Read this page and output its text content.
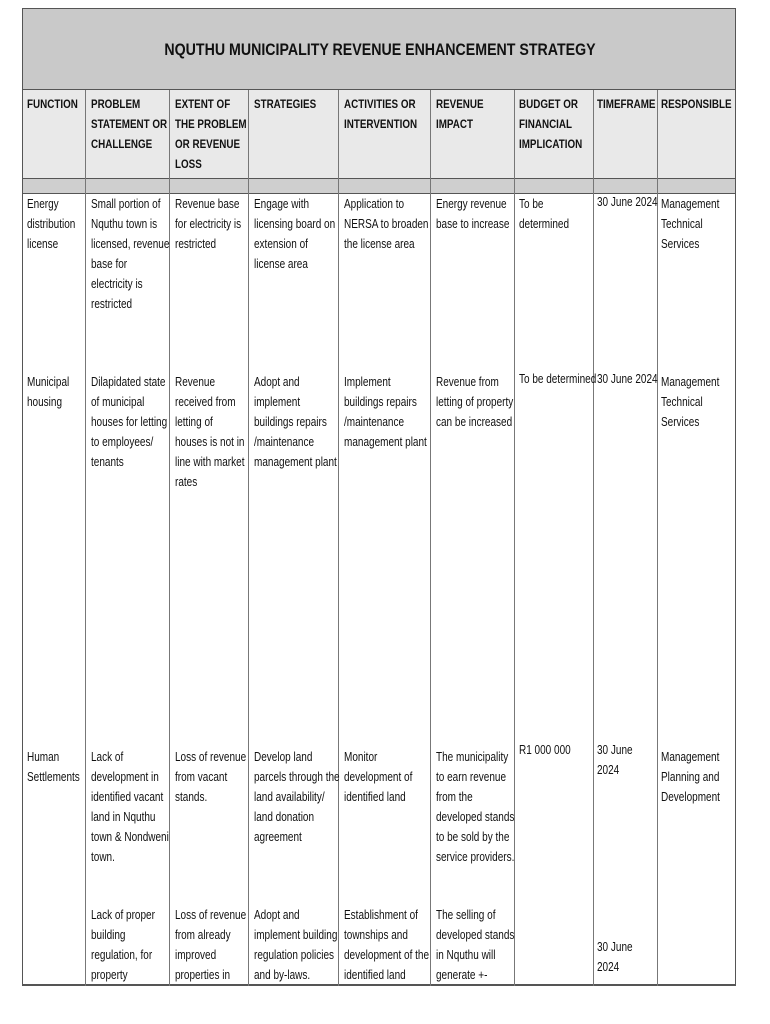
NQUTHU MUNICIPALITY REVENUE ENHANCEMENT STRATEGY
FUNCTION PROBLEM
STATEMENT OR
CHALLENGE
EXTENT OF
THE PROBLEM
OR REVENUE
LOSS
STRATEGIES ACTIVITIES OR
INTERVENTION
REVENUE
IMPACT
BUDGET OR
FINANCIAL
IMPLICATION
TIMEFRAME RESPONSIBLE
Energy
distribution
license
Small portion of
Nquthu town is
licensed, revenue
base for
electricity is
restricted
Revenue base
for electricity is
restricted
Engage with
licensing board on
extension of
license area
Application to
NERSA to broaden
the license area
Energy revenue
base to increase
To be
determined
30 June 2024 Management
Technical
Services
Municipal
housing
Dilapidated state
of municipal
houses for letting
to employees/
tenants
Revenue
received from
letting of
houses is not in
line with market
rates
Adopt and
implement
buildings repairs
/maintenance
management plant
Implement
buildings repairs
/maintenance
management plant
Revenue from
letting of property
can be increased
To be determined 30 June 2024 Management
Technical
Services
Human
Settlements
Lack of
development in
identified vacant
land in Nquthu
town & Nondweni
town.
Loss of revenue
from vacant
stands.
Develop land
parcels through the
land availability/
land donation
agreement
Monitor
development of
identified land
The municipality
to earn revenue
from the
developed stands
to be sold by the
service providers.
R1 000 000 30 June
2024
Management
Planning and
Development
Lack of proper
building
regulation, for
property
Loss of revenue
from already
improved
properties in
Adopt and
implement building
regulation policies
and by-laws.
Establishment of
townships and
development of the
identified land
The selling of
developed stands
in Nquthu will
generate +-
30 June
2024
